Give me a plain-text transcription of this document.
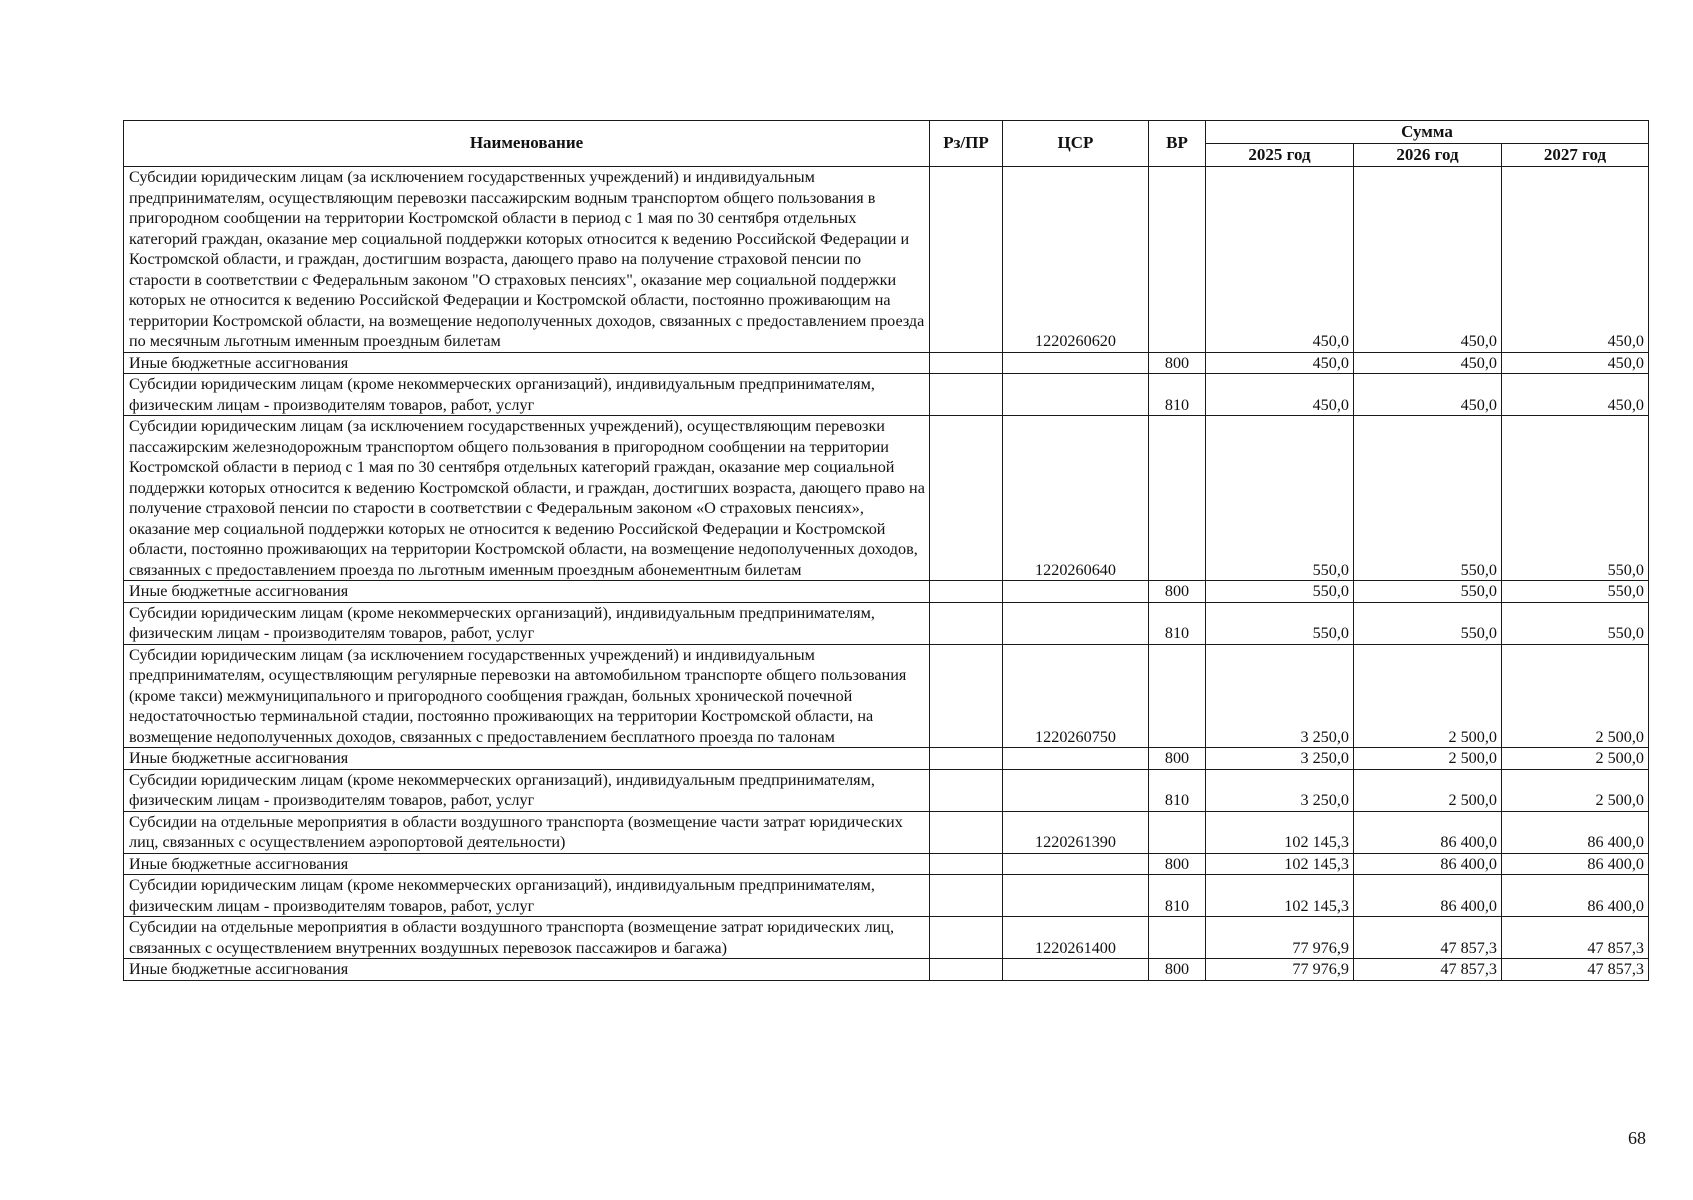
Наименование	Рз/ПР	ЦСР	ВР	Сумма		
				2025 год	2026 год	2027 год
Субсидии юридическим лицам (за исключением государственных учреждений) и индивидуальным предпринимателям, осуществляющим перевозки пассажирским водным транспортом общего пользования в пригородном сообщении на территории Костромской области в период с 1 мая по 30 сентября отдельных категорий граждан, оказание мер социальной поддержки которых относится к ведению Российской Федерации и Костромской области, и граждан, достигшим возраста, дающего право на получение страховой пенсии по старости в соответствии с Федеральным законом "О страховых пенсиях", оказание мер социальной поддержки которых не относится к ведению Российской Федерации и Костромской области, постоянно проживающим на территории Костромской области, на возмещение недополученных доходов, связанных с предоставлением проезда по месячным льготным именным проездным билетам		1220260620		450,0	450,0	450,0
Иные бюджетные ассигнования			800	450,0	450,0	450,0
Субсидии юридическим лицам (кроме некоммерческих организаций), индивидуальным предпринимателям, физическим лицам - производителям товаров, работ, услуг			810	450,0	450,0	450,0
Субсидии юридическим лицам (за исключением государственных учреждений), осуществляющим перевозки пассажирским железнодорожным транспортом общего пользования в пригородном сообщении на территории Костромской области в период с 1 мая по 30 сентября отдельных категорий граждан, оказание мер социальной поддержки которых относится к ведению Костромской области, и граждан, достигших возраста, дающего право на получение страховой пенсии по старости в соответствии с Федеральным законом «О страховых пенсиях», оказание мер социальной поддержки которых не относится к ведению Российской Федерации и Костромской области, постоянно проживающих на территории Костромской области, на возмещение недополученных доходов, связанных с предоставлением проезда по льготным именным проездным абонементным билетам		1220260640		550,0	550,0	550,0
Иные бюджетные ассигнования			800	550,0	550,0	550,0
Субсидии юридическим лицам (кроме некоммерческих организаций), индивидуальным предпринимателям, физическим лицам - производителям товаров, работ, услуг			810	550,0	550,0	550,0
Субсидии юридическим лицам (за исключением государственных учреждений) и индивидуальным предпринимателям, осуществляющим регулярные перевозки на автомобильном транспорте общего пользования (кроме такси) межмуниципального и пригородного сообщения граждан, больных хронической почечной недостаточностью терминальной стадии, постоянно проживающих на территории Костромской области, на возмещение недополученных доходов, связанных с предоставлением бесплатного проезда по талонам		1220260750		3 250,0	2 500,0	2 500,0
Иные бюджетные ассигнования			800	3 250,0	2 500,0	2 500,0
Субсидии юридическим лицам (кроме некоммерческих организаций), индивидуальным предпринимателям, физическим лицам - производителям товаров, работ, услуг			810	3 250,0	2 500,0	2 500,0
Субсидии на отдельные мероприятия в области воздушного транспорта (возмещение части затрат юридических лиц, связанных с осуществлением аэропортовой деятельности)		1220261390		102 145,3	86 400,0	86 400,0
Иные бюджетные ассигнования			800	102 145,3	86 400,0	86 400,0
Субсидии юридическим лицам (кроме некоммерческих организаций), индивидуальным предпринимателям, физическим лицам - производителям товаров, работ, услуг			810	102 145,3	86 400,0	86 400,0
Субсидии на отдельные мероприятия в области воздушного транспорта (возмещение затрат юридических лиц, связанных с осуществлением внутренних воздушных перевозок пассажиров и багажа)		1220261400		77 976,9	47 857,3	47 857,3
Иные бюджетные ассигнования			800	77 976,9	47 857,3	47 857,3
68
